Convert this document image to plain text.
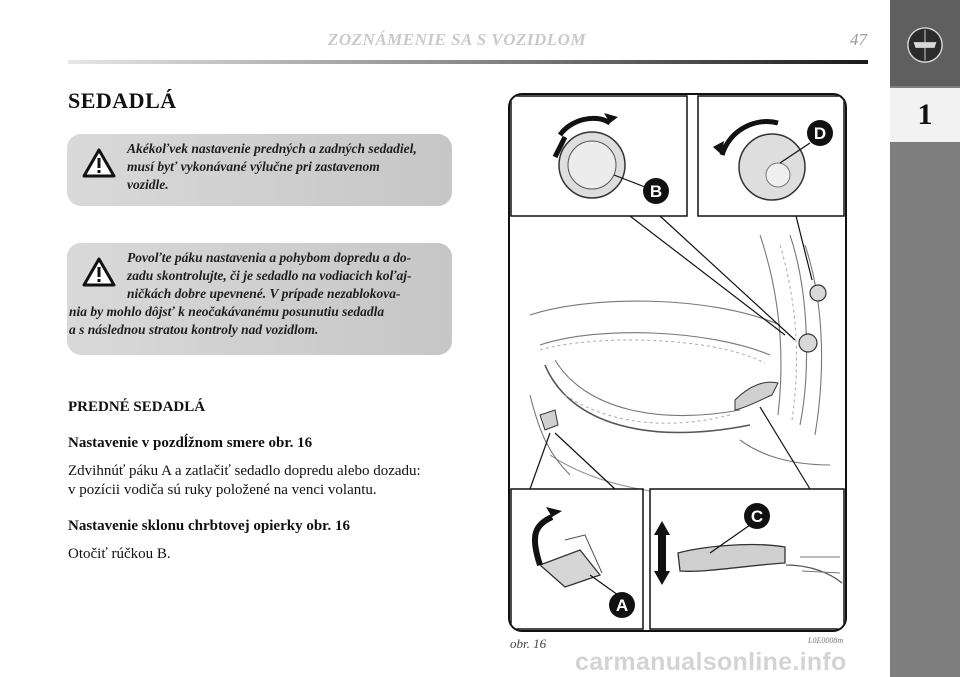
ZOZNÁMENIE SA S VOZIDLOM	47
1
SEDADLÁ

Akékoľvek nastavenie predných a zadných sedadiel,

musí byť vykonávané výlučne pri zastavenom

vozidle.

Povoľte páku nastavenia a pohybom dopredu a do-

zadu skontrolujte, či je sedadlo na vodiacich koľaj-

ničkách dobre upevnené. V prípade nezablokova-

nia by mohlo dôjsť k neočakávanému posunutiu sedadla

a s následnou stratou kontroly nad vozidlom.

PREDNÉ SEDADLÁ
Nastavenie v pozdĺžnom smere obr. 16

Zdvihnúť páku A a zatlačiť sedadlo dopredu alebo dozadu:

v pozícii vodiča sú ruky položené na venci volantu.

Nastavenie sklonu chrbtovej opierky obr. 16

Otočiť rúčkou B.

B
D
A
C
obr. 16	L0E0008m
carmanualsonline.info
